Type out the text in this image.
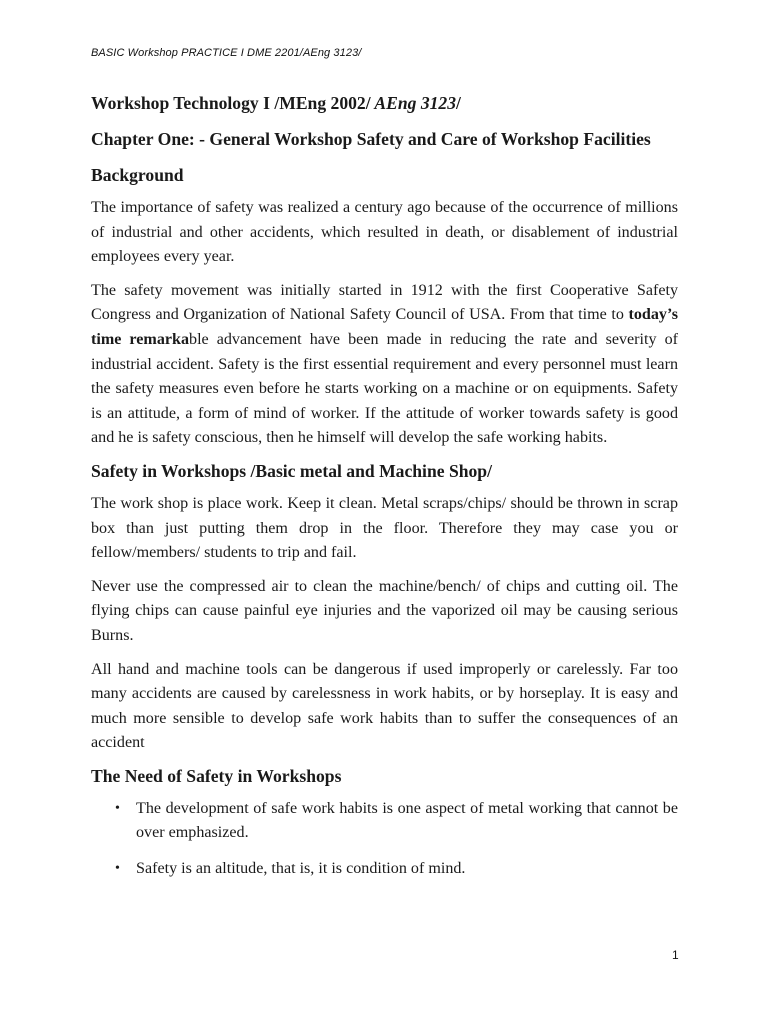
BASIC Workshop PRACTICE I DME 2201/AEng 3123/
Workshop Technology I /MEng 2002/ AEng 3123/
Chapter One: - General Workshop Safety and Care of Workshop Facilities
Background

The importance of safety was realized a century ago because of the occurrence of millions of industrial and other accidents, which resulted in death, or disablement of industrial employees every year.

The safety movement was initially started in 1912 with the first Cooperative Safety Congress and Organization of National Safety Council of USA. From that time to today’s time remarkable advancement have been made in reducing the rate and severity of industrial accident. Safety is the first essential requirement and every personnel must learn the safety measures even before he starts working on a machine or on equipments. Safety is an attitude, a form of mind of worker. If the attitude of worker towards safety is good and he is safety conscious, then he himself will develop the safe working habits.

Safety in Workshops /Basic metal and Machine Shop/

The work shop is place work. Keep it clean. Metal scraps/chips/ should be thrown in scrap box than just putting them drop in the floor. Therefore they may case you or fellow/members/ students to trip and fail.

Never use the compressed air to clean the machine/bench/ of chips and cutting oil. The flying chips can cause painful eye injuries and the vaporized oil may be causing serious Burns.

All hand and machine tools can be dangerous if used improperly or carelessly. Far too many accidents are caused by carelessness in work habits, or by horseplay. It is easy and much more sensible to develop safe work habits than to suffer the consequences of an accident

The Need of Safety in Workshops
• The development of safe work habits is one aspect of metal working that cannot be over emphasized.
• Safety is an altitude, that is, it is condition of mind.
1
